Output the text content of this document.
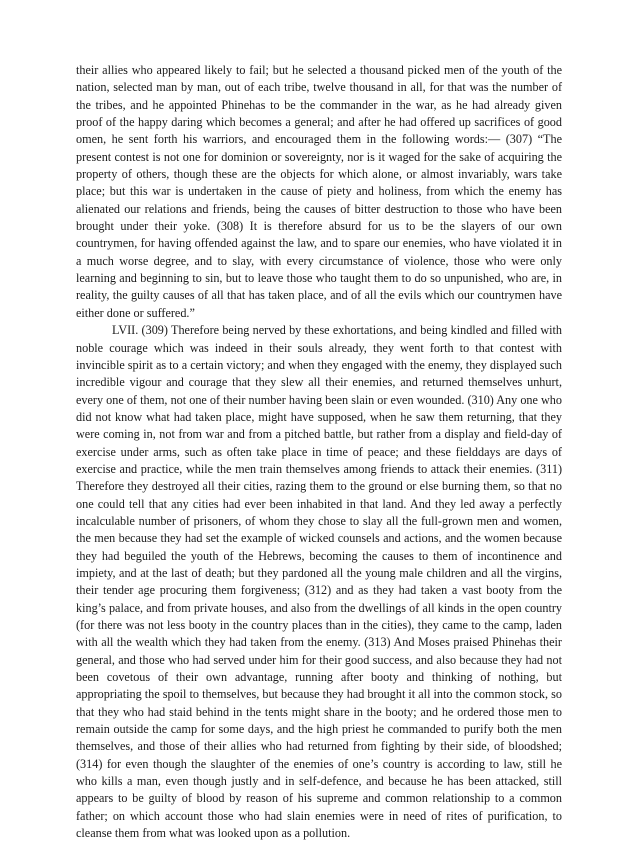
their allies who appeared likely to fail; but he selected a thousand picked men of the youth of the nation, selected man by man, out of each tribe, twelve thousand in all, for that was the number of the tribes, and he appointed Phinehas to be the commander in the war, as he had already given proof of the happy daring which becomes a general; and after he had offered up sacrifices of good omen, he sent forth his warriors, and encouraged them in the following words:— (307) “The present contest is not one for dominion or sovereignty, nor is it waged for the sake of acquiring the property of others, though these are the objects for which alone, or almost invariably, wars take place; but this war is undertaken in the cause of piety and holiness, from which the enemy has alienated our relations and friends, being the causes of bitter destruction to those who have been brought under their yoke. (308) It is therefore absurd for us to be the slayers of our own countrymen, for having offended against the law, and to spare our enemies, who have violated it in a much worse degree, and to slay, with every circumstance of violence, those who were only learning and beginning to sin, but to leave those who taught them to do so unpunished, who are, in reality, the guilty causes of all that has taken place, and of all the evils which our countrymen have either done or suffered.”

LVII. (309) Therefore being nerved by these exhortations, and being kindled and filled with noble courage which was indeed in their souls already, they went forth to that contest with invincible spirit as to a certain victory; and when they engaged with the enemy, they displayed such incredible vigour and courage that they slew all their enemies, and returned themselves unhurt, every one of them, not one of their number having been slain or even wounded. (310) Any one who did not know what had taken place, might have supposed, when he saw them returning, that they were coming in, not from war and from a pitched battle, but rather from a display and field-day of exercise under arms, such as often take place in time of peace; and these fielddays are days of exercise and practice, while the men train themselves among friends to attack their enemies. (311) Therefore they destroyed all their cities, razing them to the ground or else burning them, so that no one could tell that any cities had ever been inhabited in that land. And they led away a perfectly incalculable number of prisoners, of whom they chose to slay all the full-grown men and women, the men because they had set the example of wicked counsels and actions, and the women because they had beguiled the youth of the Hebrews, becoming the causes to them of incontinence and impiety, and at the last of death; but they pardoned all the young male children and all the virgins, their tender age procuring them forgiveness; (312) and as they had taken a vast booty from the king’s palace, and from private houses, and also from the dwellings of all kinds in the open country (for there was not less booty in the country places than in the cities), they came to the camp, laden with all the wealth which they had taken from the enemy. (313) And Moses praised Phinehas their general, and those who had served under him for their good success, and also because they had not been covetous of their own advantage, running after booty and thinking of nothing, but appropriating the spoil to themselves, but because they had brought it all into the common stock, so that they who had staid behind in the tents might share in the booty; and he ordered those men to remain outside the camp for some days, and the high priest he commanded to purify both the men themselves, and those of their allies who had returned from fighting by their side, of bloodshed; (314) for even though the slaughter of the enemies of one’s country is according to law, still he who kills a man, even though justly and in self-defence, and because he has been attacked, still appears to be guilty of blood by reason of his supreme and common relationship to a common father; on which account those who had slain enemies were in need of rites of purification, to cleanse them from what was looked upon as a pollution.
